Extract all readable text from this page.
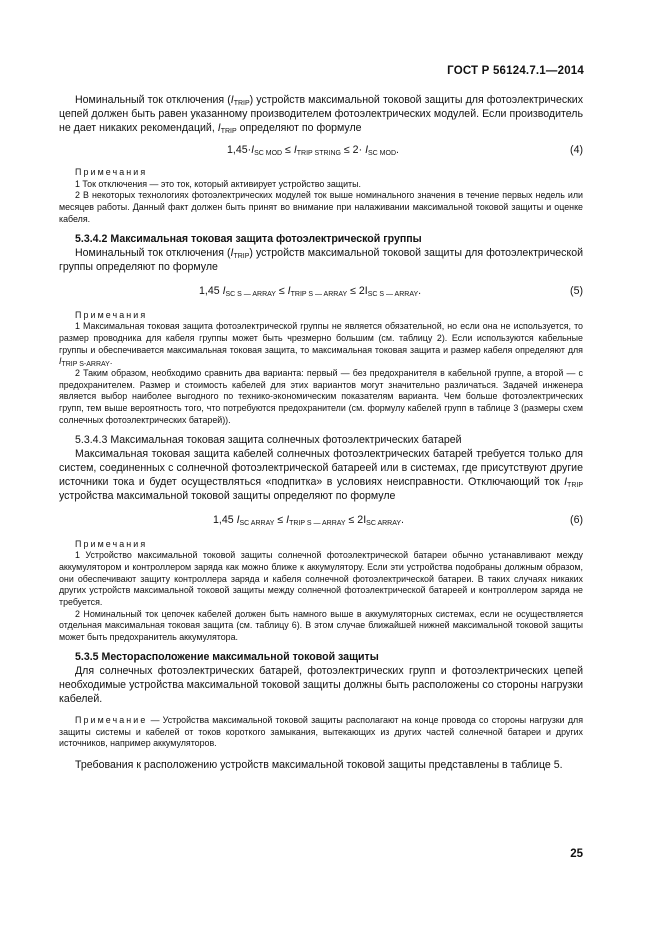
ГОСТ Р 56124.7.1—2014

Номинальный ток отключения $(I_{TRIP})$ устройств максимальной токовой защиты для фотоэлектрических цепей должен быть равен указанному производителем фотоэлектрических модулей. Если производитель не дает никаких рекомендаций, $I_{TRIP}$ определяют по формуле

$1,45\cdot I_{SC MOD} \le I_{TRIP STRING} \le 2\cdot I_{SC MOD}$.	(4)

Примечания

1 Ток отключения — это ток, который активирует устройство защиты.

2 В некоторых технологиях фотоэлектрических модулей ток выше номинального значения в течение первых недель или месяцев работы. Данный факт должен быть принят во внимание при налаживании максимальной токовой защиты и оценке кабеля.

5.3.4.2 Максимальная токовая защита фотоэлектрической группы

Номинальный ток отключения $(I_{TRIP})$ устройств максимальной токовой защиты для фотоэлектрической группы определяют по формуле

1,45 $I_{SC S — ARRAY} \le I_{TRIP S — ARRAY} \le 2I_{SC S — ARRAY}$.	(5)

Примечания

1 Максимальная токовая защита фотоэлектрической группы не является обязательной, но если она не используется, то размер проводника для кабеля группы может быть чрезмерно большим (см. таблицу 2). Если используются кабельные группы и обеспечивается максимальная токовая защита, то максимальная токовая защита и размер кабеля определяют для $I_{TRIP S-ARRAY}$.

2 Таким образом, необходимо сравнить два варианта: первый — без предохранителя в кабельной группе, а второй — с предохранителем. Размер и стоимость кабелей для этих вариантов могут значительно различаться. Задачей инженера является выбор наиболее выгодного по технико-экономическим показателям варианта. Чем больше фотоэлектрических групп, тем выше вероятность того, что потребуются предохранители (см. формулу кабелей групп в таблице 3 (размеры схем солнечных фотоэлектрических батарей)).

5.3.4.3 Максимальная токовая защита солнечных фотоэлектрических батарей

Максимальная токовая защита кабелей солнечных фотоэлектрических батарей требуется только для систем, соединенных с солнечной фотоэлектрической батареей или в системах, где присутствуют другие источники тока и будет осуществляться «подпитка» в условиях неисправности. Отключающий ток $I_{TRIP}$ устройства максимальной токовой защиты определяют по формуле

1,45 $I_{SC ARRAY} \le I_{TRIP S — ARRAY} \le 2I_{SC ARRAY}$.	(6)

Примечания

1 Устройство максимальной токовой защиты солнечной фотоэлектрической батареи обычно устанавливают между аккумулятором и контроллером заряда как можно ближе к аккумулятору. Если эти устройства подобраны должным образом, они обеспечивают защиту контроллера заряда и кабеля солнечной фотоэлектрической батареи. В таких случаях никаких других устройств максимальной токовой защиты между солнечной фотоэлектрической батареей и контроллером заряда не требуется.

2 Номинальный ток цепочек кабелей должен быть намного выше в аккумуляторных системах, если не осуществляется отдельная максимальная токовая защита (см. таблицу 6). В этом случае ближайшей нижней максимальной токовой защиты может быть предохранитель аккумулятора.

5.3.5 Месторасположение максимальной токовой защиты

Для солнечных фотоэлектрических батарей, фотоэлектрических групп и фотоэлектрических цепей необходимые устройства максимальной токовой защиты должны быть расположены со стороны нагрузки кабелей.

Примечание — Устройства максимальной токовой защиты располагают на конце провода со стороны нагрузки для защиты системы и кабелей от токов короткого замыкания, вытекающих из других частей солнечной батареи и других источников, например аккумуляторов.

Требования к расположению устройств максимальной токовой защиты представлены в таблице 5.

25
